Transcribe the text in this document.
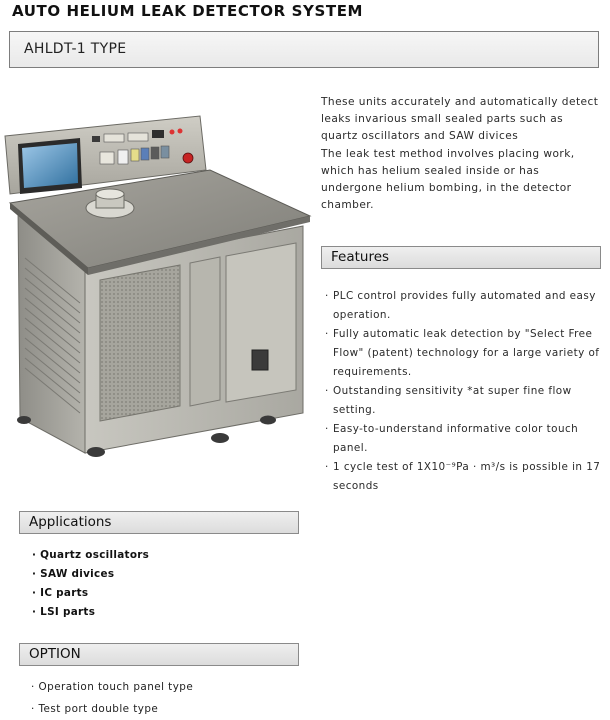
AUTO HELIUM LEAK DETECTOR SYSTEM
AHLDT-1 TYPE

These units accurately and automatically detect leaks invarious small sealed parts such as quartz oscillators and SAW divices
The leak test method involves placing work, which has helium sealed inside or has undergone helium bombing, in the detector chamber.

Features
· PLC control provides fully automated and easy operation.
· Fully automatic leak detection by "Select Free Flow" (patent) technology for a large variety of requirements.
· Outstanding sensitivity *at super fine flow setting.
· Easy-to-understand informative color touch panel.
· 1 cycle test of 1X10⁻⁹Pa · m³/s is possible in 17 seconds
Applications
· Quartz oscillators
· SAW divices
· IC parts
· LSI parts
OPTION
· Operation touch panel type
· Test port double type
